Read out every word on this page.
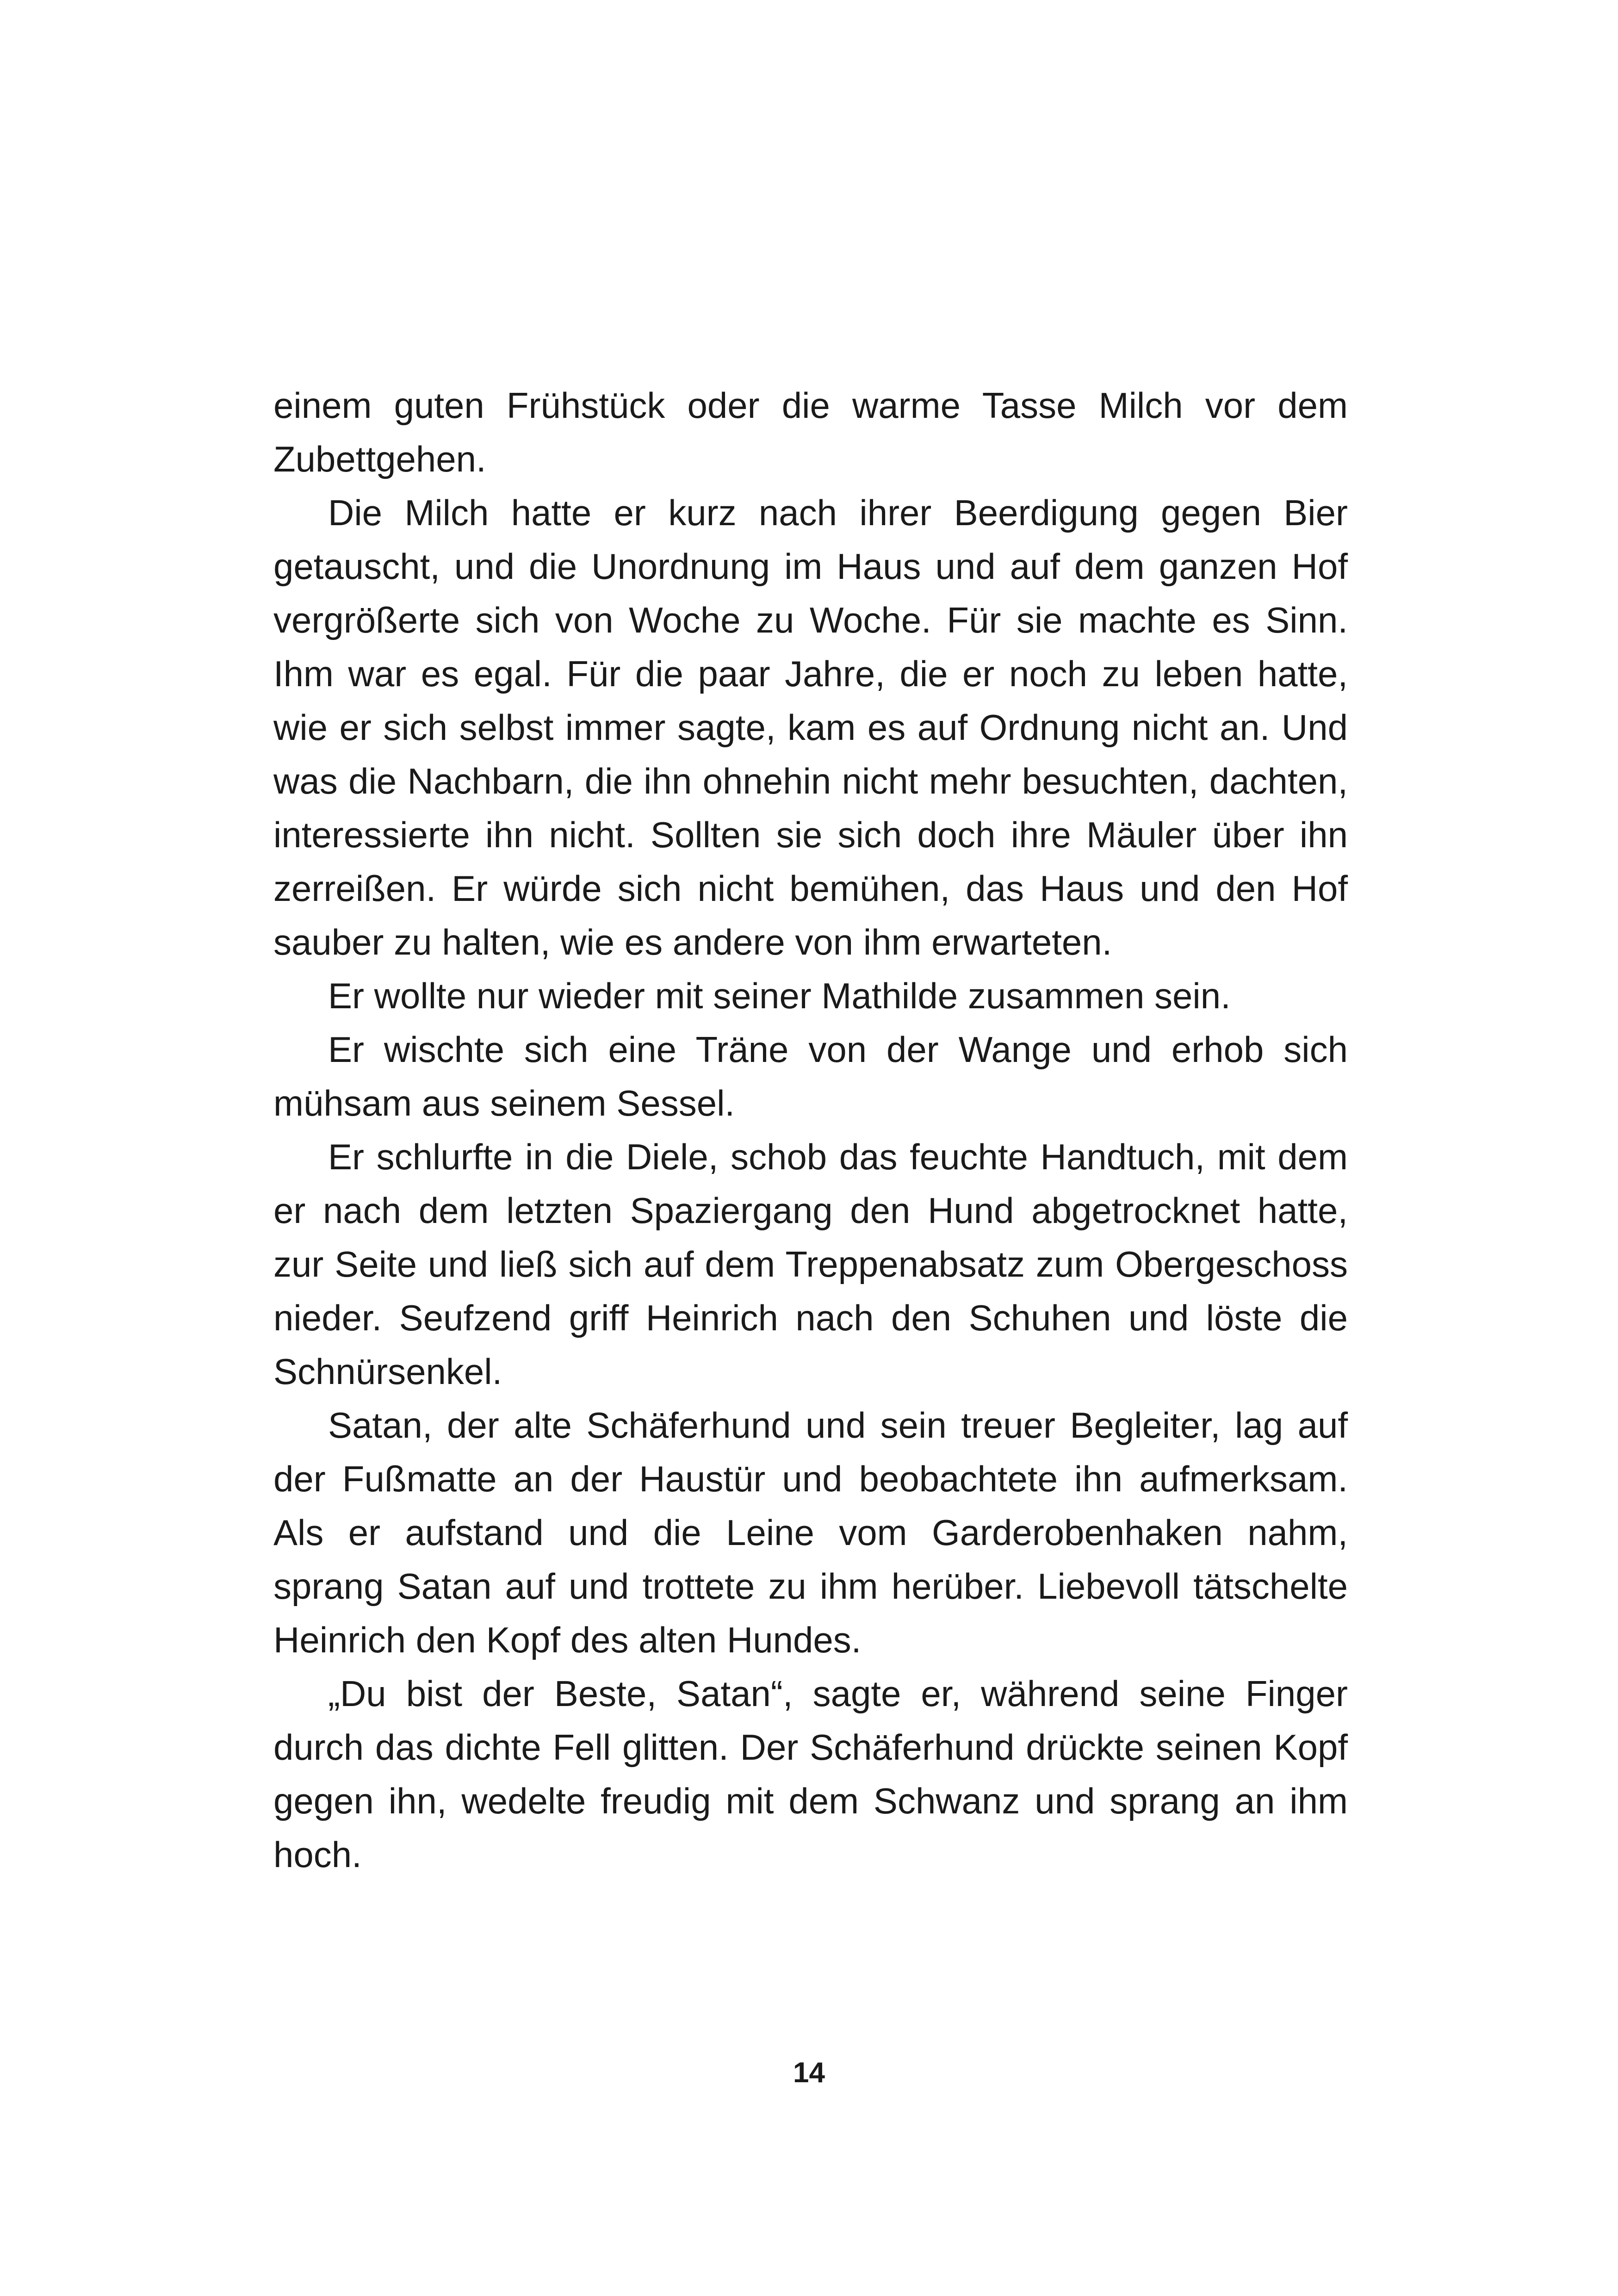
einem guten Frühstück oder die warme Tasse Milch vor dem Zubettgehen.

Die Milch hatte er kurz nach ihrer Beerdigung gegen Bier getauscht, und die Unordnung im Haus und auf dem ganzen Hof vergrößerte sich von Woche zu Woche. Für sie machte es Sinn. Ihm war es egal. Für die paar Jahre, die er noch zu leben hatte, wie er sich selbst immer sagte, kam es auf Ordnung nicht an. Und was die Nachbarn, die ihn ohnehin nicht mehr besuchten, dachten, interessierte ihn nicht. Sollten sie sich doch ihre Mäuler über ihn zerreißen. Er würde sich nicht bemühen, das Haus und den Hof sauber zu halten, wie es andere von ihm erwarteten.

Er wollte nur wieder mit seiner Mathilde zusammen sein.

Er wischte sich eine Träne von der Wange und erhob sich mühsam aus seinem Sessel.

Er schlurfte in die Diele, schob das feuchte Handtuch, mit dem er nach dem letzten Spaziergang den Hund abgetrocknet hatte, zur Seite und ließ sich auf dem Treppenabsatz zum Obergeschoss nieder. Seufzend griff Heinrich nach den Schuhen und löste die Schnürsenkel.

Satan, der alte Schäferhund und sein treuer Begleiter, lag auf der Fußmatte an der Haustür und beobachtete ihn aufmerksam. Als er aufstand und die Leine vom Garderobenhaken nahm, sprang Satan auf und trottete zu ihm herüber. Liebevoll tätschelte Heinrich den Kopf des alten Hundes.

„Du bist der Beste, Satan“, sagte er, während seine Finger durch das dichte Fell glitten. Der Schäferhund drückte seinen Kopf gegen ihn, wedelte freudig mit dem Schwanz und sprang an ihm hoch.

14
